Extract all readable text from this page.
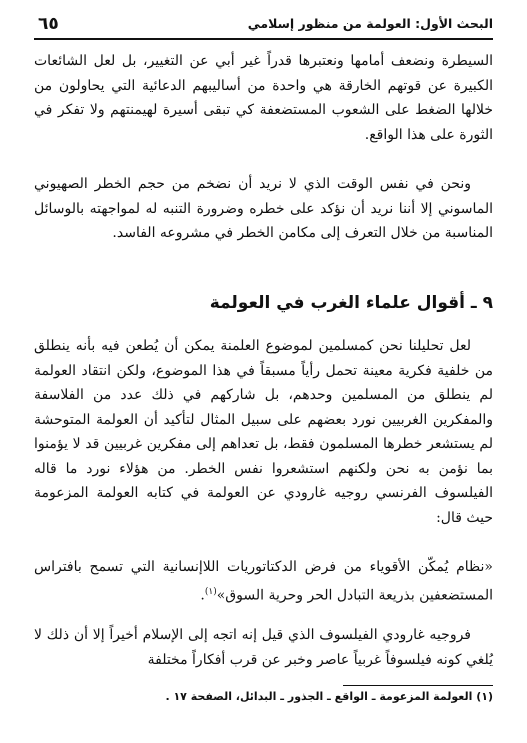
البحث الأول: العولمة من منظور إسلامي
٦٥

السيطرة ونضعف أمامها ونعتبرها قدراً غير أبي عن التغيير، بل لعل الشائعات الكبيرة عن قوتهم الخارقة هي واحدة من أساليبهم الدعائية التي يحاولون من خلالها الضغط على الشعوب المستضعفة كي تبقى أسيرة لهيمنتهم ولا تفكر في الثورة على هذا الواقع.

ونحن في نفس الوقت الذي لا نريد أن نضخم من حجم الخطر الصهيوني الماسوني إلا أننا نريد أن نؤكد على خطره وضرورة التنبه له لمواجهته بالوسائل المناسبة من خلال التعرف إلى مكامن الخطر في مشروعه الفاسد.

٩ ـ أقوال علماء الغرب في العولمة

لعل تحليلنا نحن كمسلمين لموضوع العلمنة يمكن أن يُطعن فيه بأنه ينطلق من خلفية فكرية معينة تحمل رأياً مسبقاً في هذا الموضوع، ولكن انتقاد العولمة لم ينطلق من المسلمين وحدهم، بل شاركهم في ذلك عدد من الفلاسفة والمفكرين الغربيين نورد بعضهم على سبيل المثال لتأكيد أن العولمة المتوحشة لم يستشعر خطرها المسلمون فقط، بل تعداهم إلى مفكرين غربيين قد لا يؤمنوا بما نؤمن به نحن ولكنهم استشعروا نفس الخطر. من هؤلاء نورد ما قاله الفيلسوف الفرنسي روجيه غارودي عن العولمة في كتابه العولمة المزعومة حيث قال:

«نظام يُمكّن الأقوياء من فرض الدكتاتوريات اللاإنسانية التي تسمح بافتراس المستضعفين بذريعة التبادل الحر وحرية السوق»$^{(١)}$.

فروجيه غارودي الفيلسوف الذي قيل إنه اتجه إلى الإسلام أخيراً إلا أن ذلك لا يُلغي كونه فيلسوفاً غربياً عاصر وخبر عن قرب أفكاراً مختلفة

(١) العولمة المزعومة ـ الواقع ـ الجذور ـ البدائل، الصفحة ١٧ .
